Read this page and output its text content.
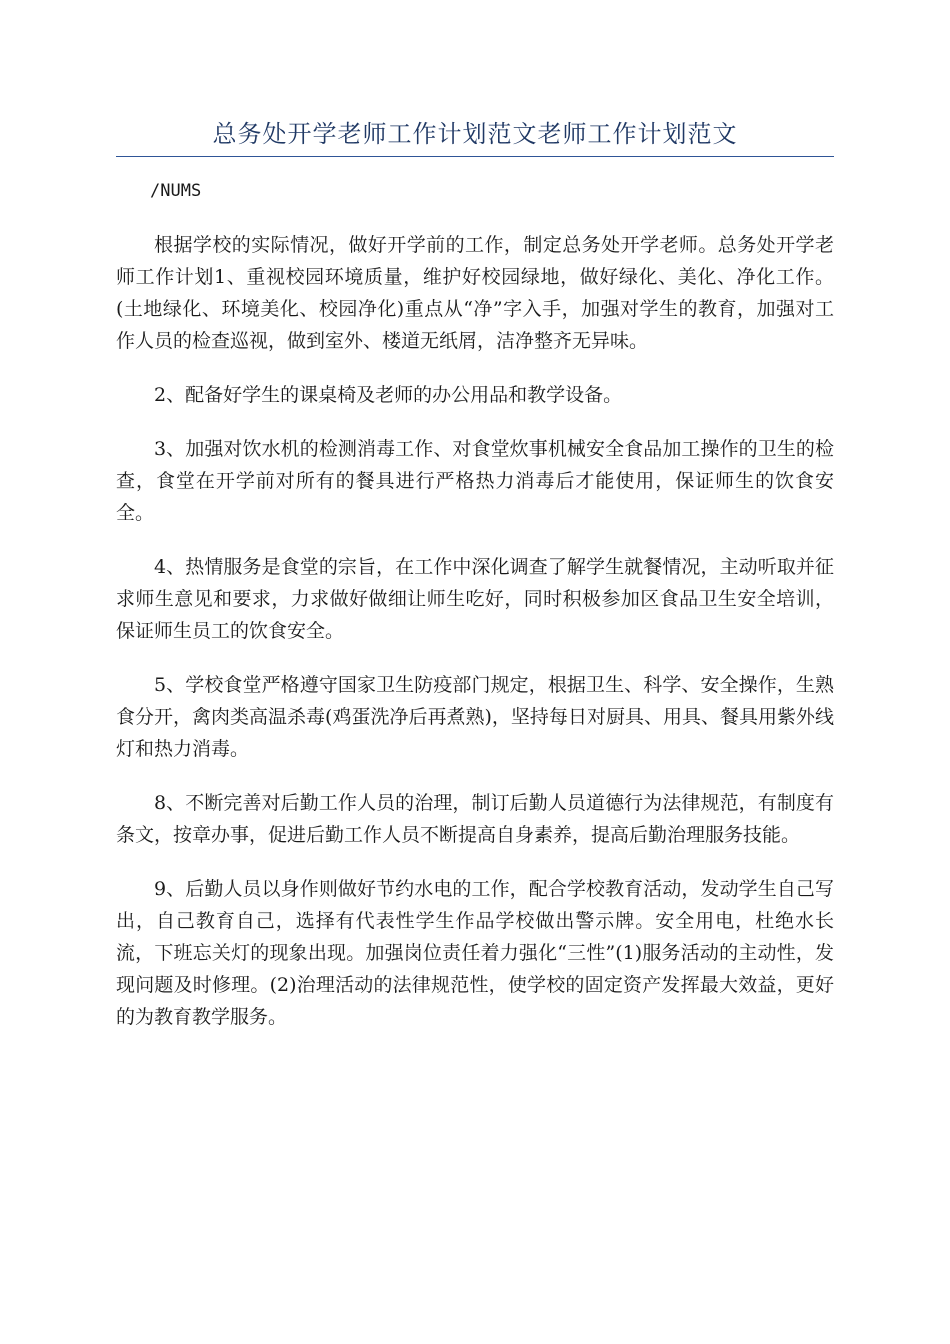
总务处开学老师工作计划范文老师工作计划范文

/NUMS

根据学校的实际情况，做好开学前的工作，制定总务处开学老师。总务处开学老师工作计划1、重视校园环境质量，维护好校园绿地，做好绿化、美化、净化工作。(土地绿化、环境美化、校园净化)重点从“净”字入手，加强对学生的教育，加强对工作人员的检查巡视，做到室外、楼道无纸屑，洁净整齐无异味。

2、配备好学生的课桌椅及老师的办公用品和教学设备。

3、加强对饮水机的检测消毒工作、对食堂炊事机械安全食品加工操作的卫生的检查，食堂在开学前对所有的餐具进行严格热力消毒后才能使用，保证师生的饮食安全。

4、热情服务是食堂的宗旨，在工作中深化调查了解学生就餐情况，主动听取并征求师生意见和要求，力求做好做细让师生吃好，同时积极参加区食品卫生安全培训，保证师生员工的饮食安全。

5、学校食堂严格遵守国家卫生防疫部门规定，根据卫生、科学、安全操作，生熟食分开，禽肉类高温杀毒(鸡蛋洗净后再煮熟)，坚持每日对厨具、用具、餐具用紫外线灯和热力消毒。

8、不断完善对后勤工作人员的治理，制订后勤人员道德行为法律规范，有制度有条文，按章办事，促进后勤工作人员不断提高自身素养，提高后勤治理服务技能。

9、后勤人员以身作则做好节约水电的工作，配合学校教育活动，发动学生自己写出，自己教育自己，选择有代表性学生作品学校做出警示牌。安全用电，杜绝水长流，下班忘关灯的现象出现。加强岗位责任着力强化“三性”(1)服务活动的主动性，发现问题及时修理。(2)治理活动的法律规范性，使学校的固定资产发挥最大效益，更好的为教育教学服务。
